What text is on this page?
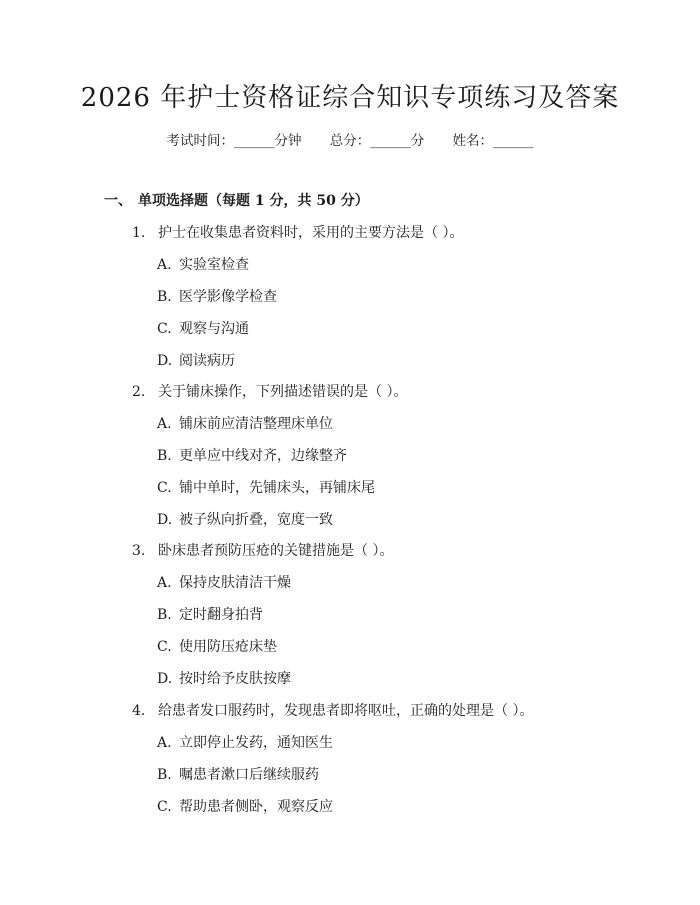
2026 年护士资格证综合知识专项练习及答案
考试时间：______分钟 总分：______分 姓名：______
一、 单项选择题（每题 1 分，共 50 分）
1. 护士在收集患者资料时，采用的主要方法是（ ）。
A. 实验室检查
B. 医学影像学检查
C. 观察与沟通
D. 阅读病历
2. 关于铺床操作，下列描述错误的是（ ）。
A. 铺床前应清洁整理床单位
B. 更单应中线对齐，边缘整齐
C. 铺中单时，先铺床头，再铺床尾
D. 被子纵向折叠，宽度一致
3. 卧床患者预防压疮的关键措施是（ ）。
A. 保持皮肤清洁干燥
B. 定时翻身拍背
C. 使用防压疮床垫
D. 按时给予皮肤按摩
4. 给患者发口服药时，发现患者即将呕吐，正确的处理是（ ）。
A. 立即停止发药，通知医生
B. 嘱患者漱口后继续服药
C. 帮助患者侧卧，观察反应
